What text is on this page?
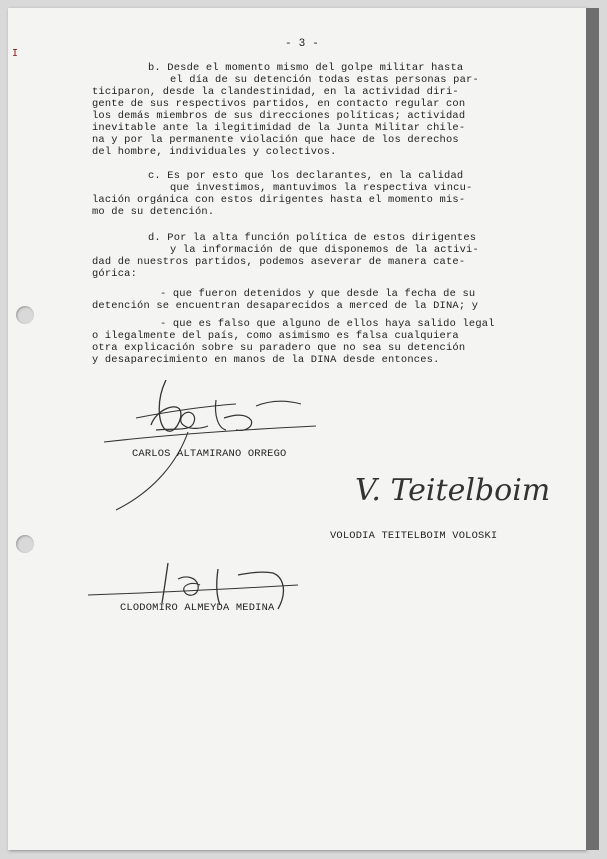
I
- 3 -
b. Desde el momento mismo del golpe militar hasta
el día de su detención todas estas personas par-
ticiparon, desde la clandestinidad, en la actividad diri-
gente de sus respectivos partidos, en contacto regular con
los demás miembros de sus direcciones políticas; actividad
inevitable ante la ilegitimidad de la Junta Militar chile-
na y por la permanente violación que hace de los derechos
del hombre, individuales y colectivos.
c. Es por esto que los declarantes, en la calidad
que investimos, mantuvimos la respectiva vincu-
lación orgánica con estos dirigentes hasta el momento mis-
mo de su detención.
d. Por la alta función política de estos dirigentes
y la información de que disponemos de la activi-
dad de nuestros partidos, podemos aseverar de manera cate-
górica:
- que fueron detenidos y que desde la fecha de su
detención se encuentran desaparecidos a merced de la DINA; y
- que es falso que alguno de ellos haya salido legal
o ilegalmente del país, como asimismo es falsa cualquiera
otra explicación sobre su paradero que no sea su detención
y desaparecimiento en manos de la DINA desde entonces.
CARLOS ALTAMIRANO ORREGO
V. Teitelboim
VOLODIA TEITELBOIM VOLOSKI
CLODOMIRO ALMEYDA MEDINA
